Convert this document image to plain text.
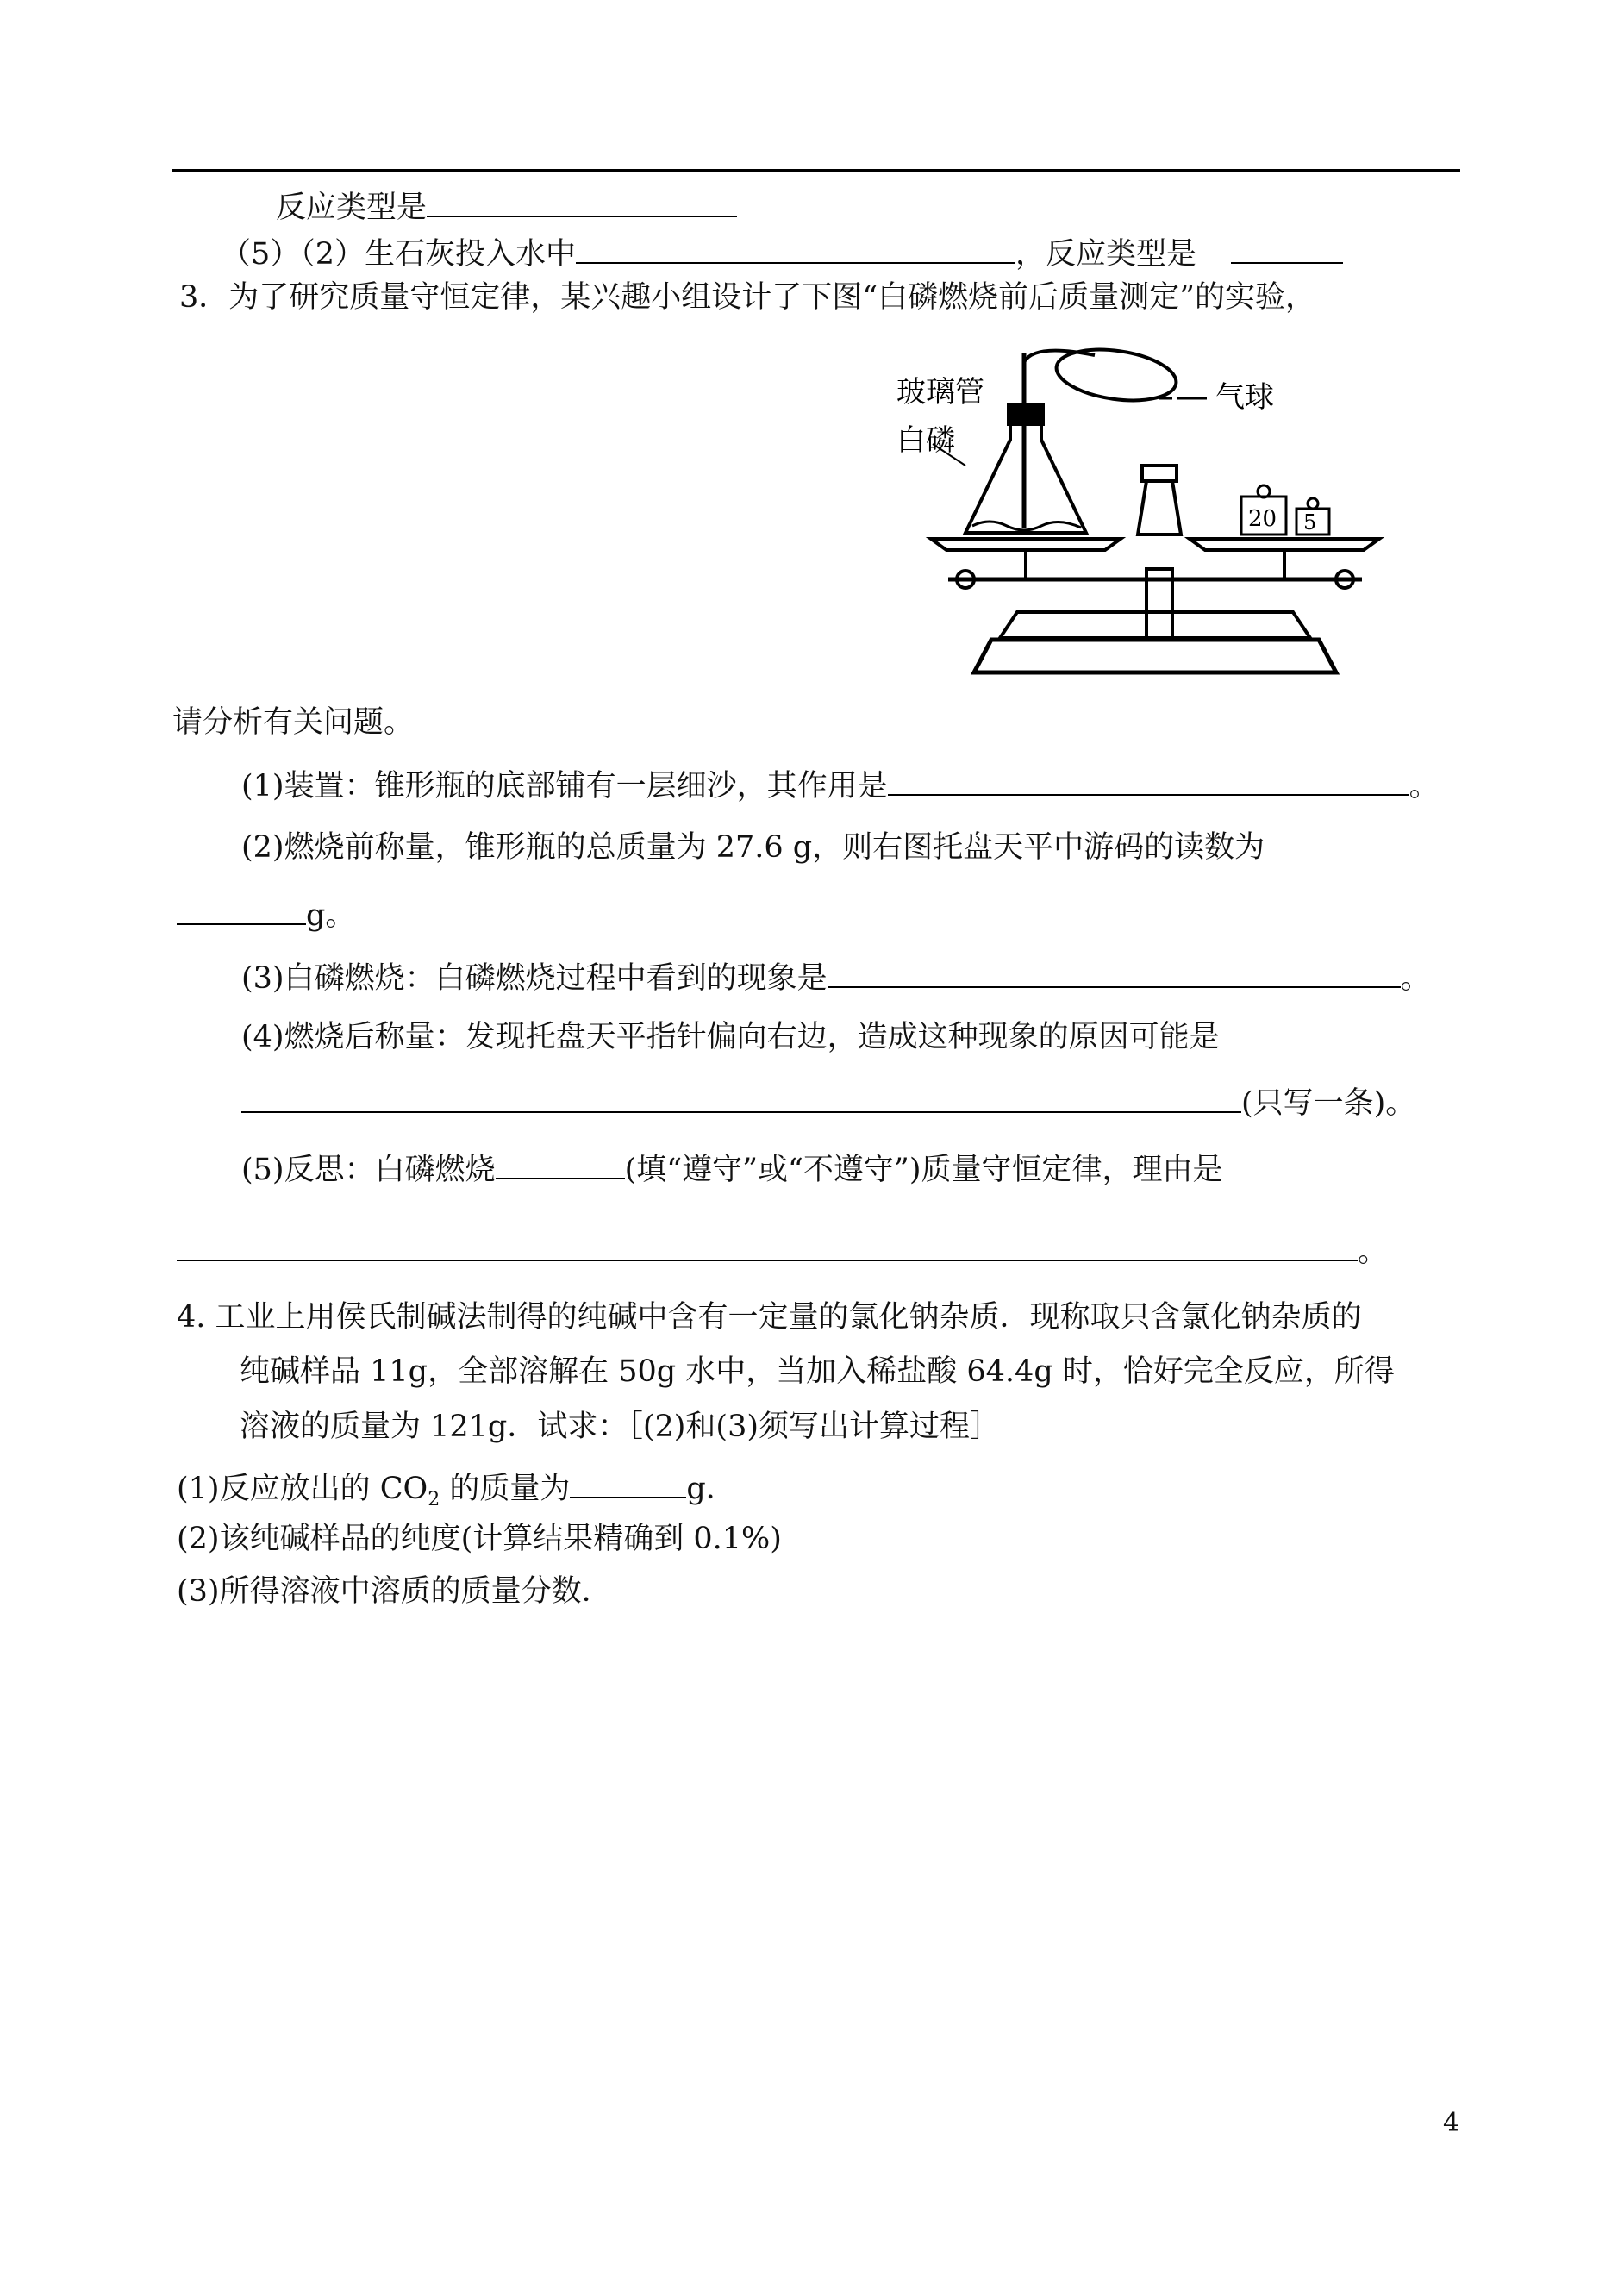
反应类型是
（5）（2）生石灰投入水中	，反应类型是
3．为了研究质量守恒定律，某兴趣小组设计了下图“白磷燃烧前后质量测定”的实验，
玻璃管	气球
白磷
20 5
请分析有关问题。
(1)装置：锥形瓶的底部铺有一层细沙，其作用是	。
(2)燃烧前称量，锥形瓶的总质量为 27.6 g，则右图托盘天平中游码的读数为
g。
(3)白磷燃烧：白磷燃烧过程中看到的现象是	。
(4)燃烧后称量：发现托盘天平指针偏向右边，造成这种现象的原因可能是
(只写一条)。
(5)反思：白磷燃烧	(填“遵守”或“不遵守”)质量守恒定律，理由是
。
4. 工业上用侯氏制碱法制得的纯碱中含有一定量的氯化钠杂质．现称取只含氯化钠杂质的
纯碱样品 11g，全部溶解在 50g 水中，当加入稀盐酸 64.4g 时，恰好完全反应，所得
溶液的质量为 121g．试求：［(2)和(3)须写出计算过程］
(1)反应放出的 $CO_2$ 的质量为	g．
(2)该纯碱样品的纯度(计算结果精确到 0.1%)
(3)所得溶液中溶质的质量分数．
4
